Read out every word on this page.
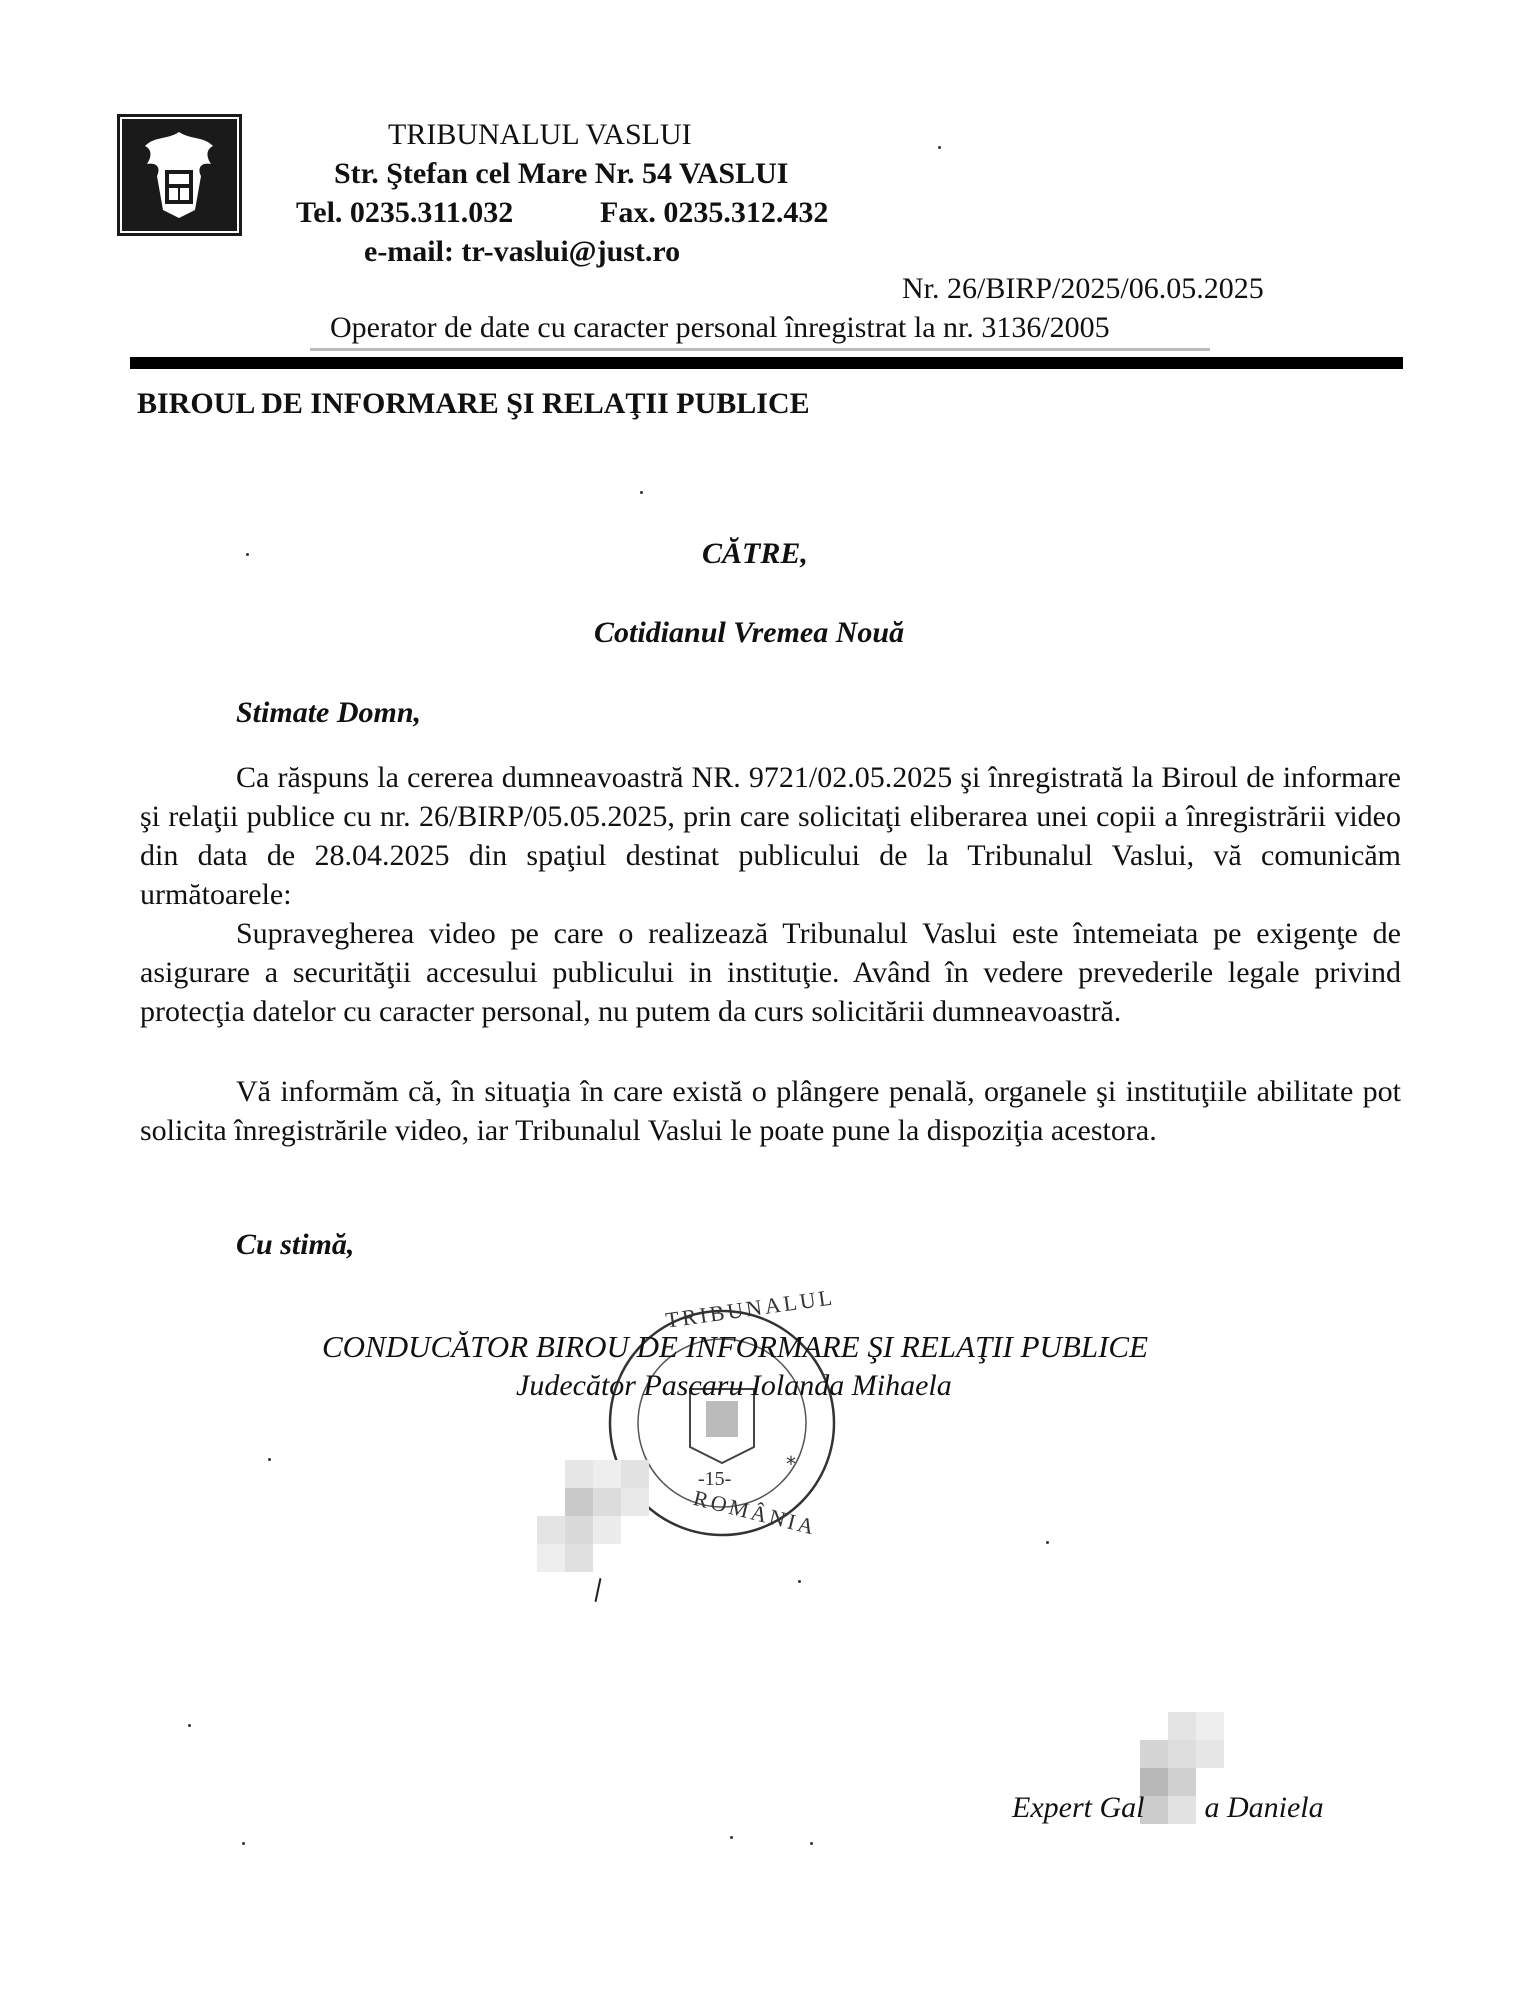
TRIBUNALUL VASLUI
Str. Ştefan cel Mare Nr. 54 VASLUI
Tel. 0235.311.032	Fax. 0235.312.432
e-mail: tr-vaslui@just.ro
Nr. 26/BIRP/2025/06.05.2025
Operator de date cu caracter personal înregistrat la nr. 3136/2005
BIROUL DE INFORMARE ŞI RELAŢII PUBLICE
CĂTRE,
Cotidianul Vremea Nouă
Stimate Domn,
Ca răspuns la cererea dumneavoastră NR. 9721/02.05.2025 şi înregistrată la Biroul de informare şi relaţii publice cu nr. 26/BIRP/05.05.2025, prin care solicitaţi eliberarea unei copii a înregistrării video din data de 28.04.2025 din spaţiul destinat publicului de la Tribunalul Vaslui, vă comunicăm următoarele:
Supravegherea video pe care o realizează Tribunalul Vaslui este întemeiata pe exigenţe de asigurare a securităţii accesului publicului in instituţie. Având în vedere prevederile legale privind protecţia datelor cu caracter personal, nu putem da curs solicitării dumneavoastră.
Vă informăm că, în situaţia în care există o plângere penală, organele şi instituţiile abilitate pot solicita înregistrările video, iar Tribunalul Vaslui le poate pune la dispoziţia acestora.
Cu stimă,
*
TRIBUNALUL
-15-
ROMÂNIA
CONDUCĂTOR BIROU DE INFORMARE ŞI RELAŢII PUBLICE
Judecător Pascaru Iolanda Mihaela
Expert Gal        a Daniela
